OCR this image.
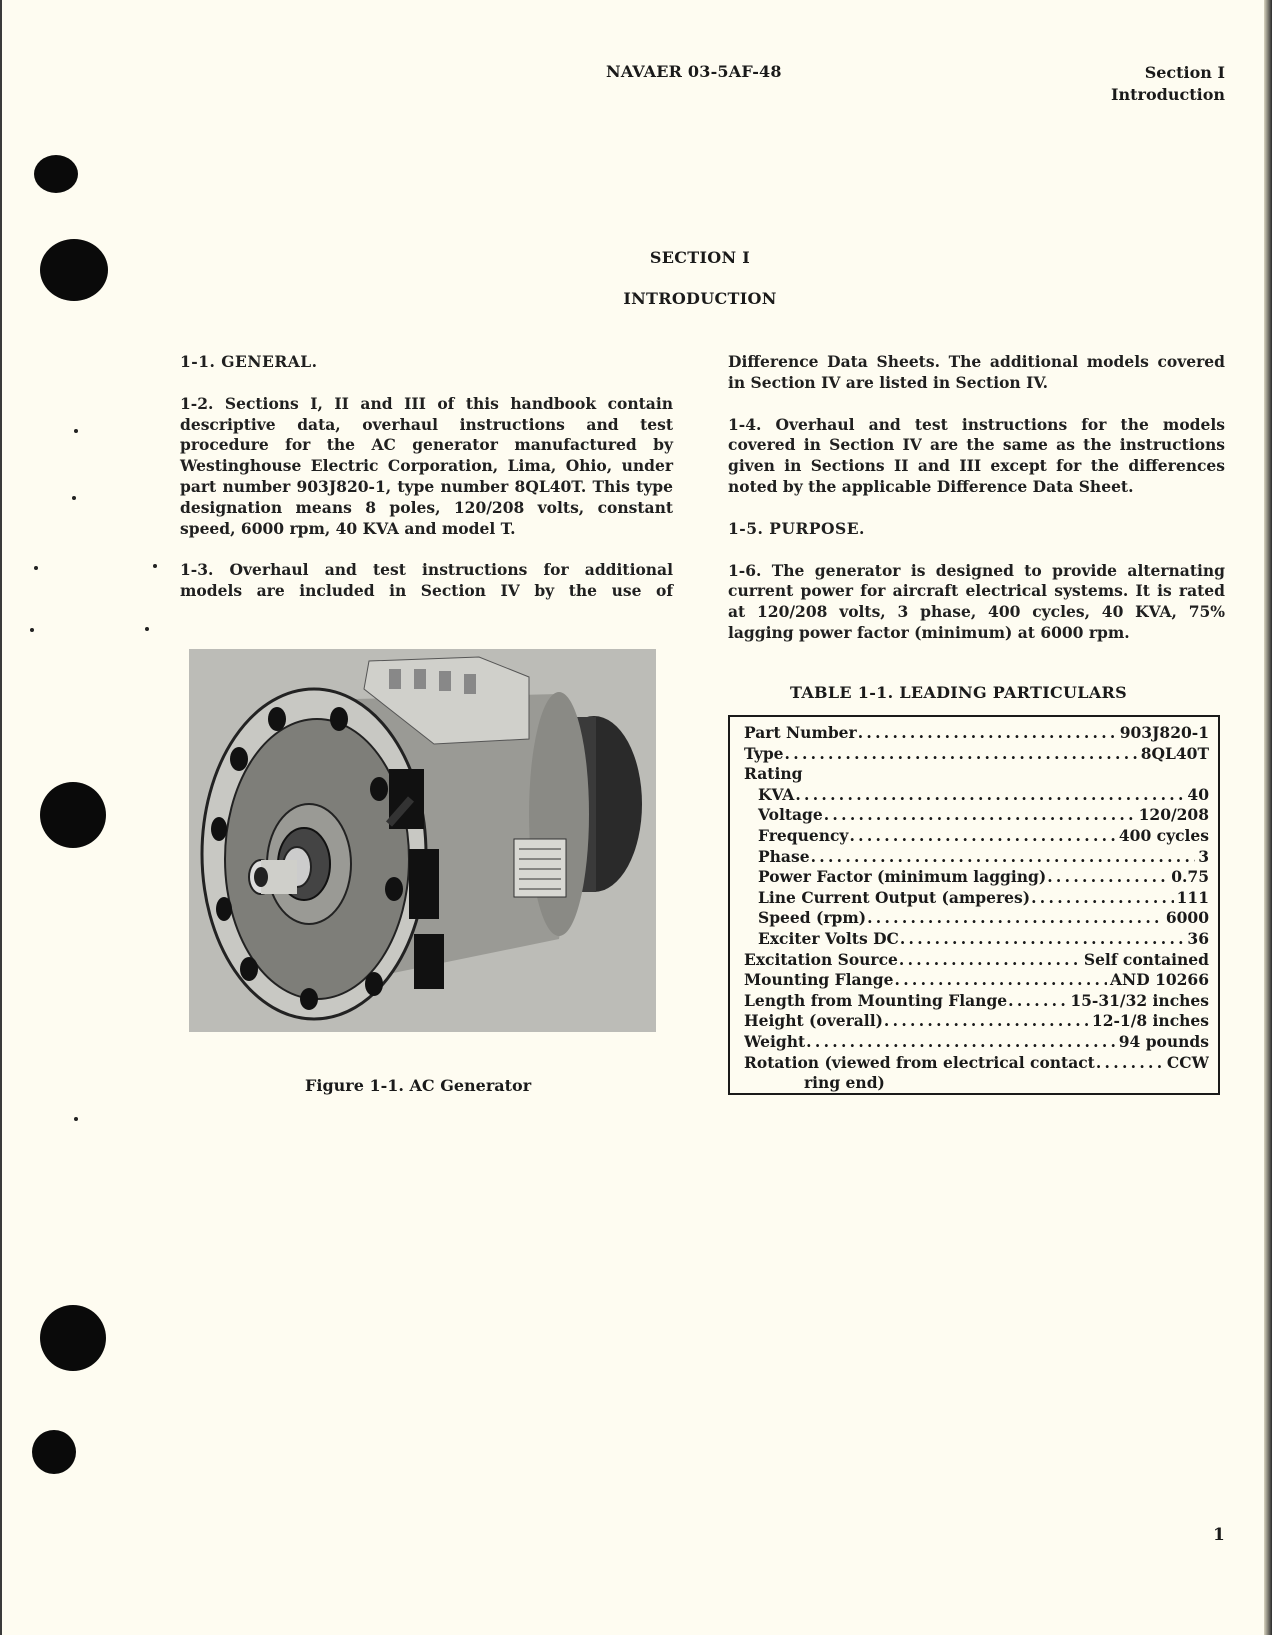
NAVAER 03-5AF-48	Section I
Introduction
SECTION I
INTRODUCTION

1-1. GENERAL.

1-2. Sections I, II and III of this handbook contain descriptive data, overhaul instructions and test procedure for the AC generator manufactured by Westinghouse Electric Corporation, Lima, Ohio, under part number 903J820-1, type number 8QL40T. This type designation means 8 poles, 120/208 volts, constant speed, 6000 rpm, 40 KVA and model T.

1-3. Overhaul and test instructions for additional models are included in Section IV by the use of

Figure 1-1. AC Generator

Difference Data Sheets. The additional models covered in Section IV are listed in Section IV.

1-4. Overhaul and test instructions for the models covered in Section IV are the same as the instructions given in Sections II and III except for the differences noted by the applicable Difference Data Sheet.

1-5. PURPOSE.

1-6. The generator is designed to provide alternating current power for aircraft electrical systems. It is rated at 120/208 volts, 3 phase, 400 cycles, 40 KVA, 75% lagging power factor (minimum) at 6000 rpm.

TABLE 1-1. LEADING PARTICULARS
Part Number .....	903J820-1
Type .....	8QL40T
Rating
KVA .....	40
Voltage .....	120/208
Frequency .....	400 cycles
Phase .....	3
Power Factor (minimum lagging) .....	0.75
Line Current Output (amperes) .....	111
Speed (rpm) .....	6000
Exciter Volts DC .....	36
Excitation Source .....	Self contained
Mounting Flange .....	AND 10266
Length from Mounting Flange .....	15-31/32 inches
Height (overall) .....	12-1/8 inches
Weight .....	94 pounds
Rotation (viewed from electrical contact .....	CCW
ring end)
1
